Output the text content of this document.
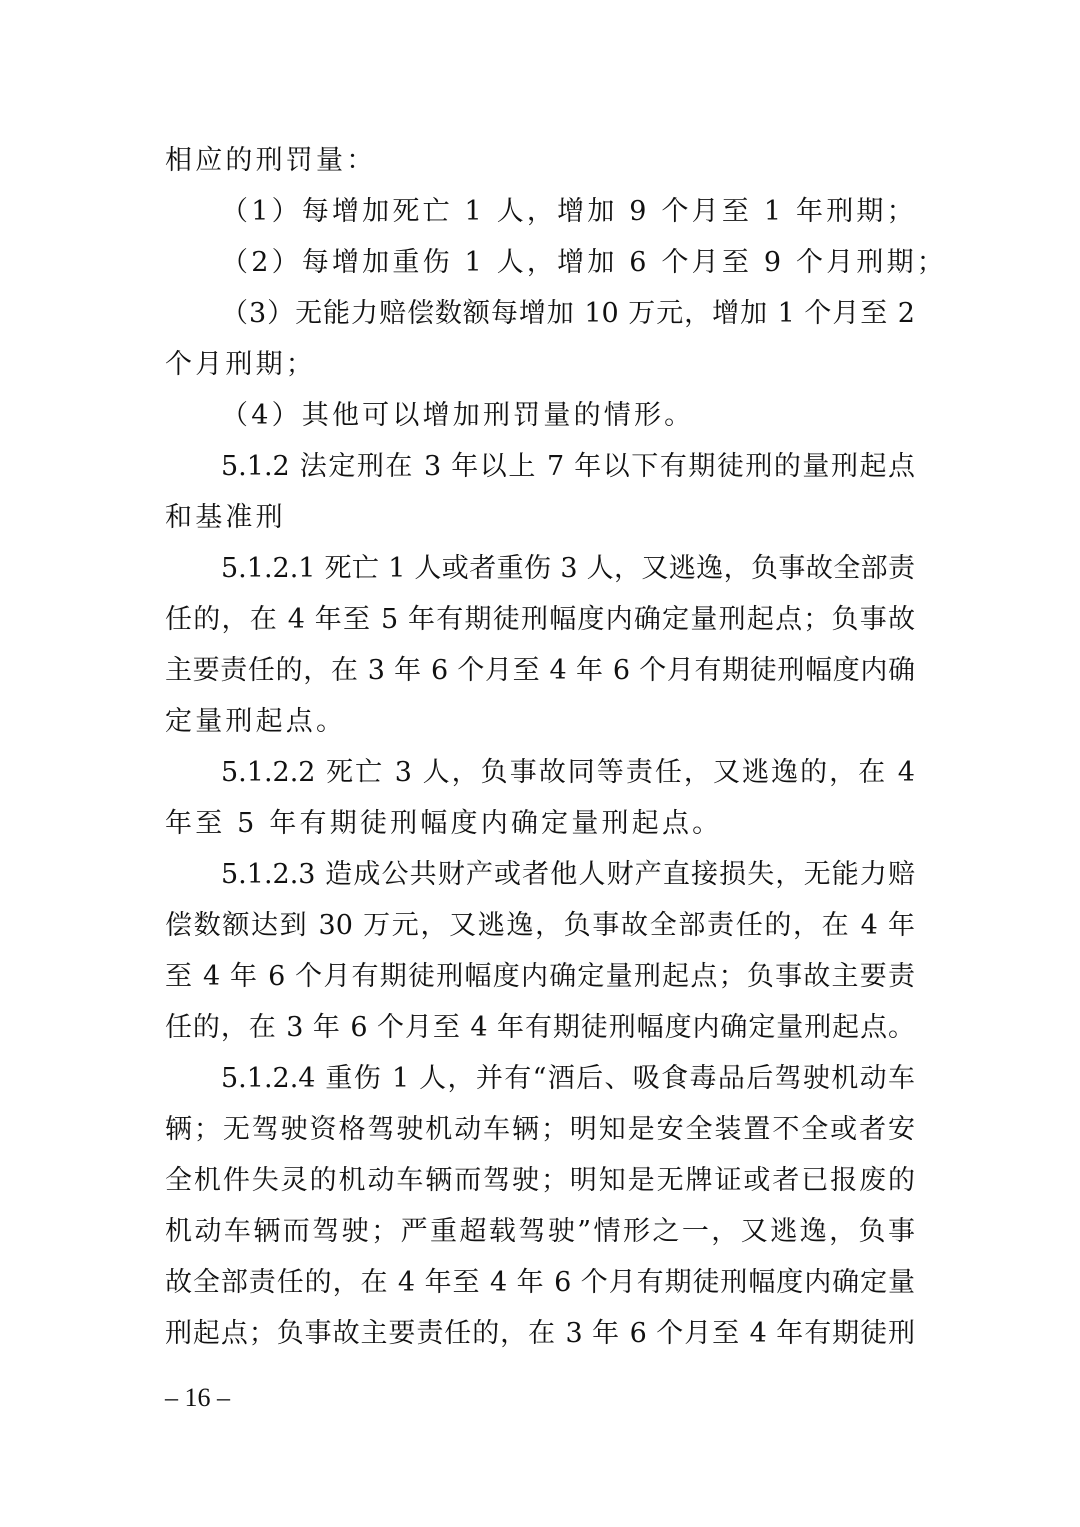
相应的刑罚量：
（1）每增加死亡 1 人，增加 9 个月至 1 年刑期；
（2）每增加重伤 1 人，增加 6 个月至 9 个月刑期；
（3）无能力赔偿数额每增加 10 万元，增加 1 个月至 2
个月刑期；
（4）其他可以增加刑罚量的情形。
5.1.2 法定刑在 3 年以上 7 年以下有期徒刑的量刑起点
和基准刑
5.1.2.1 死亡 1 人或者重伤 3 人，又逃逸，负事故全部责
任的，在 4 年至 5 年有期徒刑幅度内确定量刑起点；负事故
主要责任的，在 3 年 6 个月至 4 年 6 个月有期徒刑幅度内确
定量刑起点。
5.1.2.2 死亡 3 人，负事故同等责任，又逃逸的，在 4
年至 5 年有期徒刑幅度内确定量刑起点。
5.1.2.3 造成公共财产或者他人财产直接损失，无能力赔
偿数额达到 30 万元，又逃逸，负事故全部责任的，在 4 年
至 4 年 6 个月有期徒刑幅度内确定量刑起点；负事故主要责
任的，在 3 年 6 个月至 4 年有期徒刑幅度内确定量刑起点。
5.1.2.4 重伤 1 人，并有“酒后、吸食毒品后驾驶机动车
辆；无驾驶资格驾驶机动车辆；明知是安全装置不全或者安
全机件失灵的机动车辆而驾驶；明知是无牌证或者已报废的
机动车辆而驾驶；严重超载驾驶”情形之一，又逃逸，负事
故全部责任的，在 4 年至 4 年 6 个月有期徒刑幅度内确定量
刑起点；负事故主要责任的，在 3 年 6 个月至 4 年有期徒刑
– 16 –
